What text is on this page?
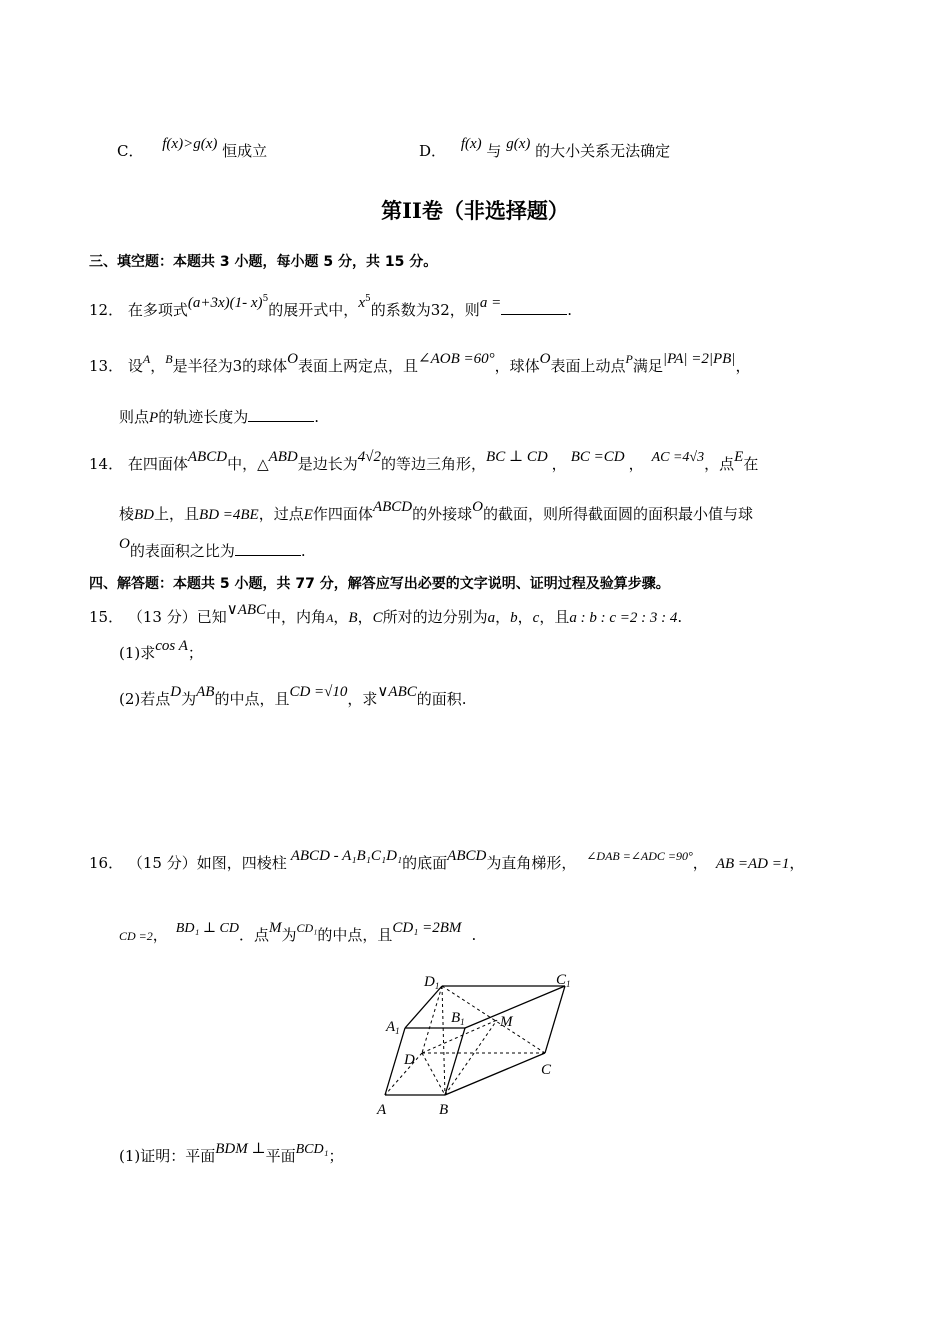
C． f(x)>g(x) 恒成立	D． f(x) 与 g(x) 的大小关系无法确定
第II卷（非选择题）
三、填空题：本题共 3 小题，每小题 5 分，共 15 分。
12． 在多项式(a+3x)(1- x)$^5$的展开式中，$x^5$的系数为32，则a =	.
13． 设$^A$，$^B$是半径为3的球体O表面上两定点，且∠AOB =60°，球体O表面上动点$^P$满足|PA| =2|PB|，
则点P的轨迹长度为	.
14． 在四面体ABCD中，△ABD是边长为4√2的等边三角形，BC ⊥ CD ， BC =CD ， AC =4√3，点E在
棱BD上，且BD =4BE，过点E作四面体ABCD的外接球O的截面，则所得截面圆的面积最小值与球
O的表面积之比为	.
四、解答题：本题共 5 小题，共 77 分，解答应写出必要的文字说明、证明过程及验算步骤。
15． （13 分）已知∨ABC中，内角A，B，C所对的边分别为a，b，c，且a : b : c =2 : 3 : 4.
(1)求cos A；
(2)若点D为AB的中点，且CD =√10，求∨ABC的面积.
16． （15 分）如图，四棱柱 ABCD - A₁B₁C₁D₁的底面ABCD为直角梯形， $^{\angle DAB =\angle ADC =90^\circ}$， AB =AD =1，
CD =2， BD₁ ⊥ CD．点M为$^{CD_1}$的中点，且CD₁ =2BM .
$D_1$	$C_1$
$A_1$
$B_1$ M
D
C
A	B
(1)证明：平面BDM ⊥平面BCD₁；
